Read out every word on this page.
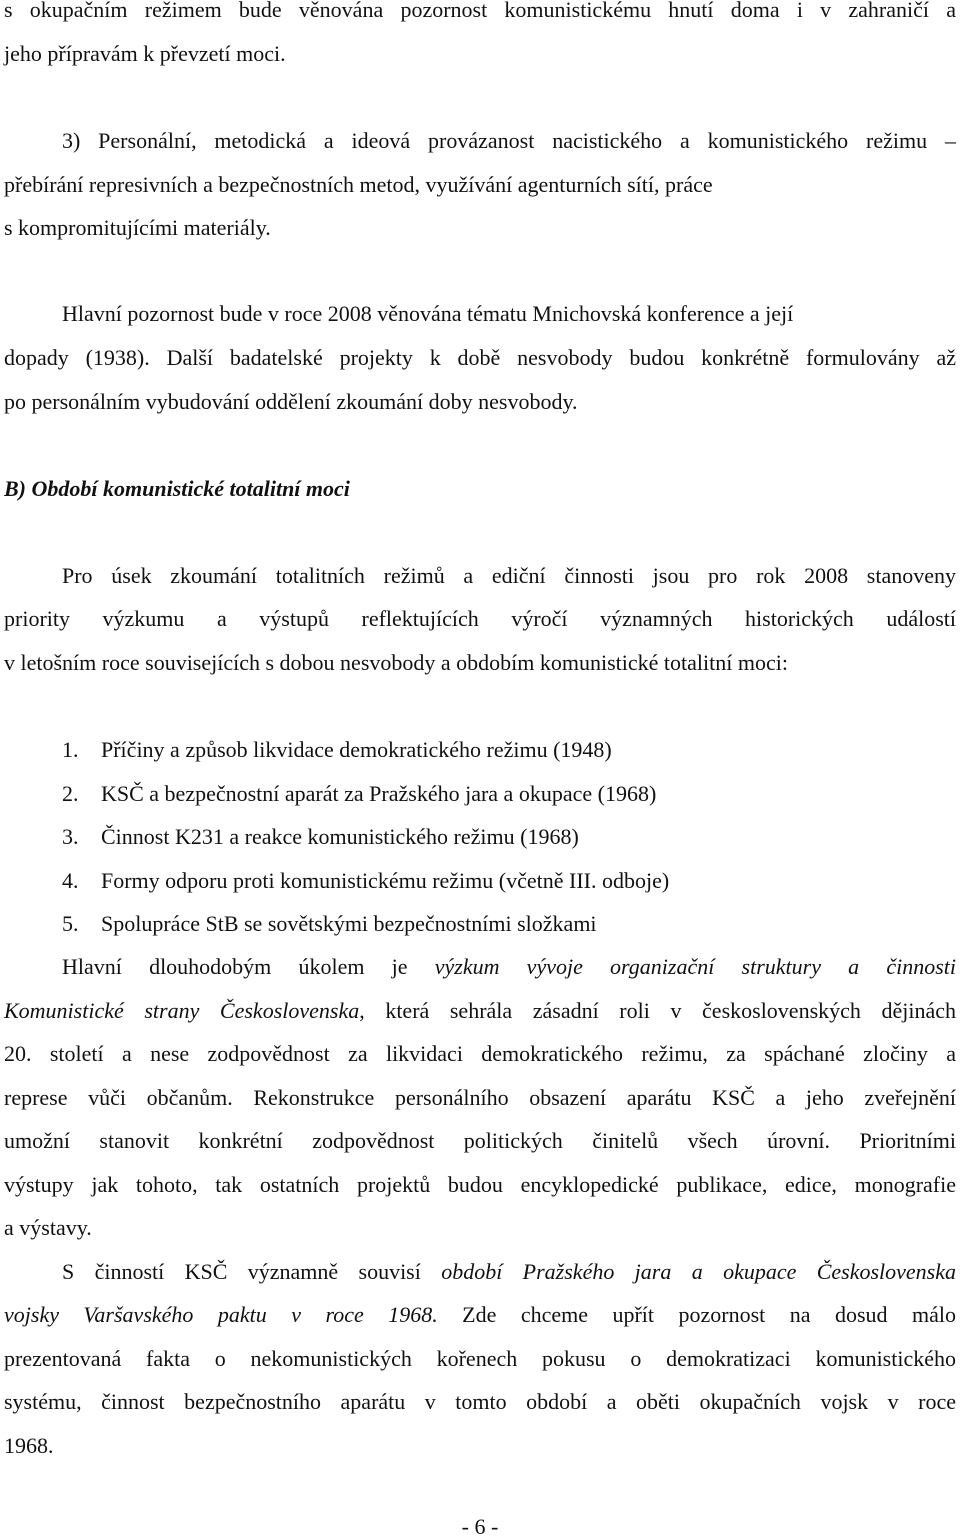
s okupačním režimem bude věnována pozornost komunistickému hnutí doma i v zahraničí a

jeho přípravám k převzetí moci.

3) Personální, metodická a ideová provázanost nacistického a komunistického režimu –

přebírání represivních a bezpečnostních metod, využívání agenturních sítí, práce

s kompromitujícími materiály.

Hlavní pozornost bude v roce 2008 věnována tématu Mnichovská konference a její

dopady (1938). Další badatelské projekty k době nesvobody budou konkrétně formulovány až

po personálním vybudování oddělení zkoumání doby nesvobody.

B) Období komunistické totalitní moci

Pro úsek zkoumání totalitních režimů a ediční činnosti jsou pro rok 2008 stanoveny

priority výzkumu a výstupů reflektujících výročí významných historických událostí

v letošním roce souvisejících s dobou nesvobody a obdobím komunistické totalitní moci:

1. Příčiny a způsob likvidace demokratického režimu (1948)

2. KSČ a bezpečnostní aparát za Pražského jara a okupace (1968)

3. Činnost K231 a reakce komunistického režimu (1968)

4. Formy odporu proti komunistickému režimu (včetně III. odboje)

5. Spolupráce StB se sovětskými bezpečnostními složkami

Hlavní dlouhodobým úkolem je výzkum vývoje organizační struktury a činnosti

Komunistické strany Československa, která sehrála zásadní roli v československých dějinách

20. století a nese zodpovědnost za likvidaci demokratického režimu, za spáchané zločiny a

represe vůči občanům. Rekonstrukce personálního obsazení aparátu KSČ a jeho zveřejnění

umožní stanovit konkrétní zodpovědnost politických činitelů všech úrovní. Prioritními

výstupy jak tohoto, tak ostatních projektů budou encyklopedické publikace, edice, monografie

a výstavy.

S činností KSČ významně souvisí období Pražského jara a okupace Československa

vojsky Varšavského paktu v roce 1968. Zde chceme upřít pozornost na dosud málo

prezentovaná fakta o nekomunistických kořenech pokusu o demokratizaci komunistického

systému, činnost bezpečnostního aparátu v tomto období a oběti okupačních vojsk v roce

1968.

- 6 -
